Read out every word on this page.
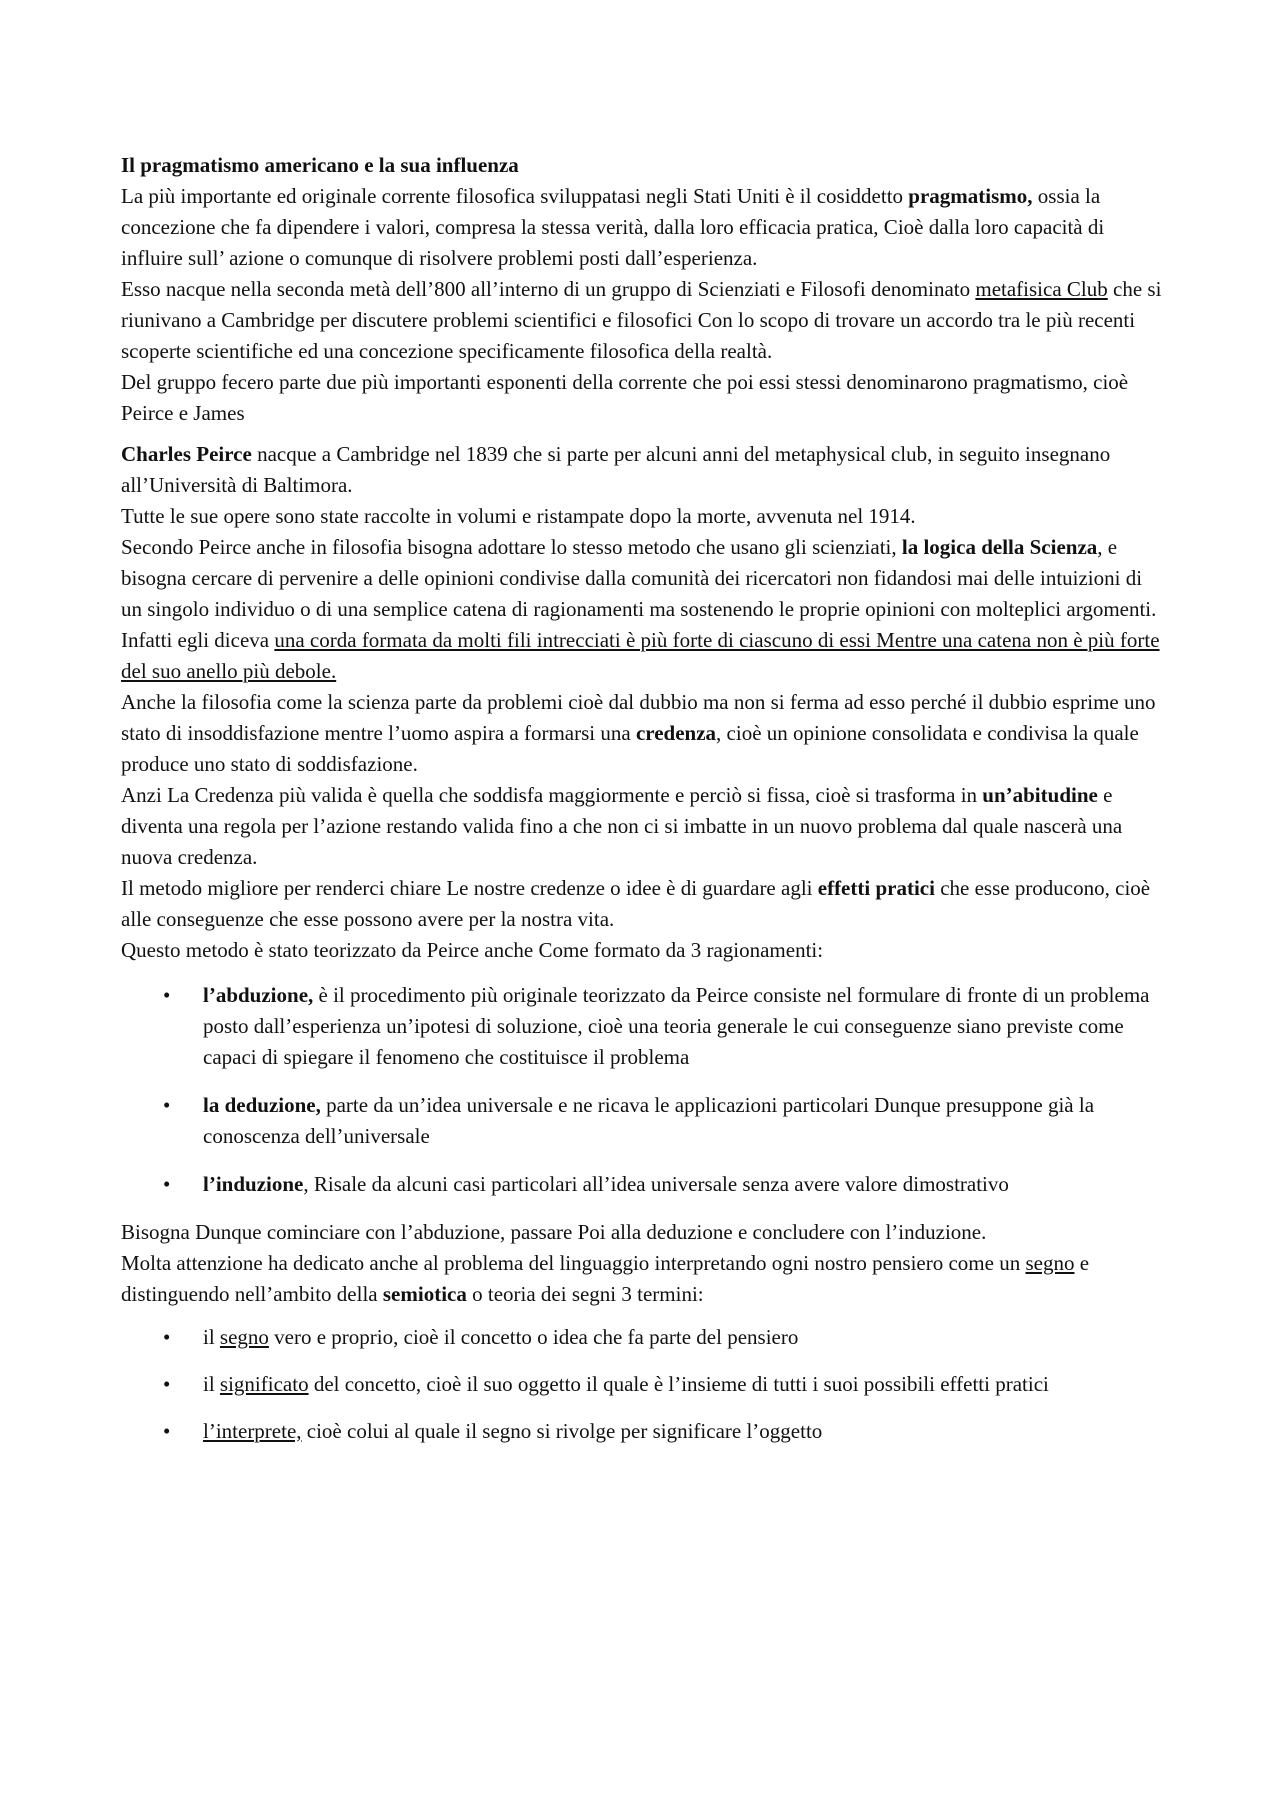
Il pragmatismo americano e la sua influenza

La più importante ed originale corrente filosofica sviluppatasi negli Stati Uniti è il cosiddetto pragmatismo, ossia la concezione che fa dipendere i valori, compresa la stessa verità, dalla loro efficacia pratica, Cioè dalla loro capacità di influire sull’ azione o comunque di risolvere problemi posti dall’esperienza.

Esso nacque nella seconda metà dell’800 all’interno di un gruppo di Scienziati e Filosofi denominato metafisica Club che si riunivano a Cambridge per discutere problemi scientifici e filosofici Con lo scopo di trovare un accordo tra le più recenti scoperte scientifiche ed una concezione specificamente filosofica della realtà.

Del gruppo fecero parte due più importanti esponenti della corrente che poi essi stessi denominarono pragmatismo, cioè Peirce e James

Charles Peirce nacque a Cambridge nel 1839 che si parte per alcuni anni del metaphysical club, in seguito insegnano all’Università di Baltimora.

Tutte le sue opere sono state raccolte in volumi e ristampate dopo la morte, avvenuta nel 1914.

Secondo Peirce anche in filosofia bisogna adottare lo stesso metodo che usano gli scienziati, la logica della Scienza, e bisogna cercare di pervenire a delle opinioni condivise dalla comunità dei ricercatori non fidandosi mai delle intuizioni di un singolo individuo o di una semplice catena di ragionamenti ma sostenendo le proprie opinioni con molteplici argomenti.

Infatti egli diceva una corda formata da molti fili intrecciati è più forte di ciascuno di essi Mentre una catena non è più forte del suo anello più debole.

Anche la filosofia come la scienza parte da problemi cioè dal dubbio ma non si ferma ad esso perché il dubbio esprime uno stato di insoddisfazione mentre l’uomo aspira a formarsi una credenza, cioè un opinione consolidata e condivisa la quale produce uno stato di soddisfazione.

Anzi La Credenza più valida è quella che soddisfa maggiormente e perciò si fissa, cioè si trasforma in un’abitudine e diventa una regola per l’azione restando valida fino a che non ci si imbatte in un nuovo problema dal quale nascerà una nuova credenza.

Il metodo migliore per renderci chiare Le nostre credenze o idee è di guardare agli effetti pratici che esse producono, cioè alle conseguenze che esse possono avere per la nostra vita.

Questo metodo è stato teorizzato da Peirce anche Come formato da 3 ragionamenti:

• l’abduzione, è il procedimento più originale teorizzato da Peirce consiste nel formulare di fronte di un problema posto dall’esperienza un’ipotesi di soluzione, cioè una teoria generale le cui conseguenze siano previste come capaci di spiegare il fenomeno che costituisce il problema
• la deduzione, parte da un’idea universale e ne ricava le applicazioni particolari Dunque presuppone già la conoscenza dell’universale
• l’induzione, Risale da alcuni casi particolari all’idea universale senza avere valore dimostrativo

Bisogna Dunque cominciare con l’abduzione, passare Poi alla deduzione e concludere con l’induzione.

Molta attenzione ha dedicato anche al problema del linguaggio interpretando ogni nostro pensiero come un segno e distinguendo nell’ambito della semiotica o teoria dei segni 3 termini:

• il segno vero e proprio, cioè il concetto o idea che fa parte del pensiero
• il significato del concetto, cioè il suo oggetto il quale è l’insieme di tutti i suoi possibili effetti pratici
• l’interprete, cioè colui al quale il segno si rivolge per significare l’oggetto
